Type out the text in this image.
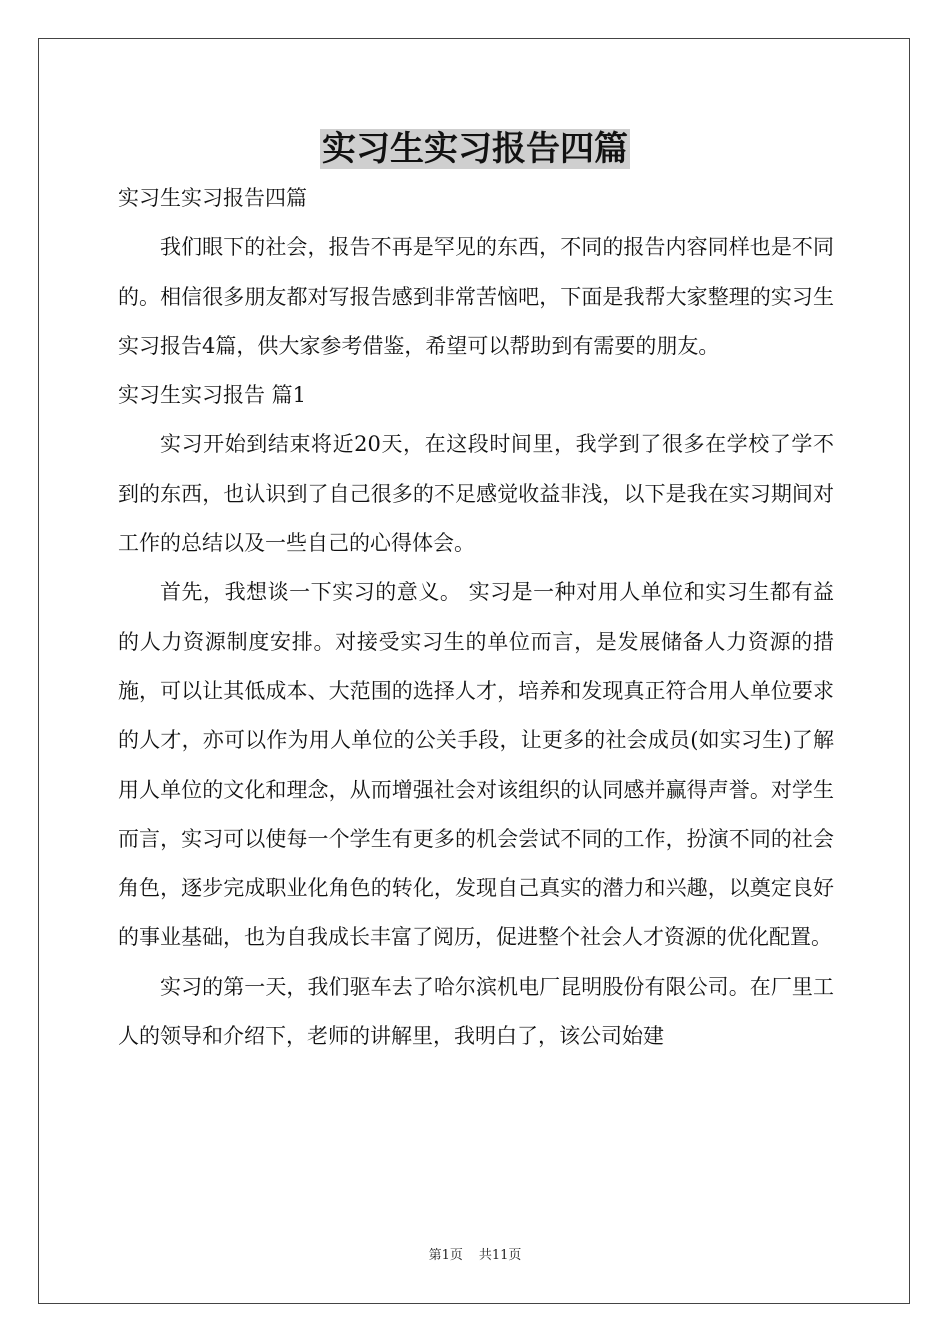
实习生实习报告四篇

实习生实习报告四篇

我们眼下的社会，报告不再是罕见的东西，不同的报告内容同样也是不同的。相信很多朋友都对写报告感到非常苦恼吧，下面是我帮大家整理的实习生实习报告4篇，供大家参考借鉴，希望可以帮助到有需要的朋友。

实习生实习报告 篇1

实习开始到结束将近20天，在这段时间里，我学到了很多在学校了学不到的东西，也认识到了自己很多的不足感觉收益非浅，以下是我在实习期间对工作的总结以及一些自己的心得体会。

首先，我想谈一下实习的意义。 实习是一种对用人单位和实习生都有益的人力资源制度安排。对接受实习生的单位而言，是发展储备人力资源的措施，可以让其低成本、大范围的选择人才，培养和发现真正符合用人单位要求的人才，亦可以作为用人单位的公关手段，让更多的社会成员(如实习生)了解用人单位的文化和理念，从而增强社会对该组织的认同感并赢得声誉。对学生而言，实习可以使每一个学生有更多的机会尝试不同的工作，扮演不同的社会角色，逐步完成职业化角色的转化，发现自己真实的潜力和兴趣，以奠定良好的事业基础，也为自我成长丰富了阅历，促进整个社会人才资源的优化配置。

实习的第一天，我们驱车去了哈尔滨机电厂昆明股份有限公司。在厂里工人的领导和介绍下，老师的讲解里，我明白了，该公司始建

第1页 共11页
